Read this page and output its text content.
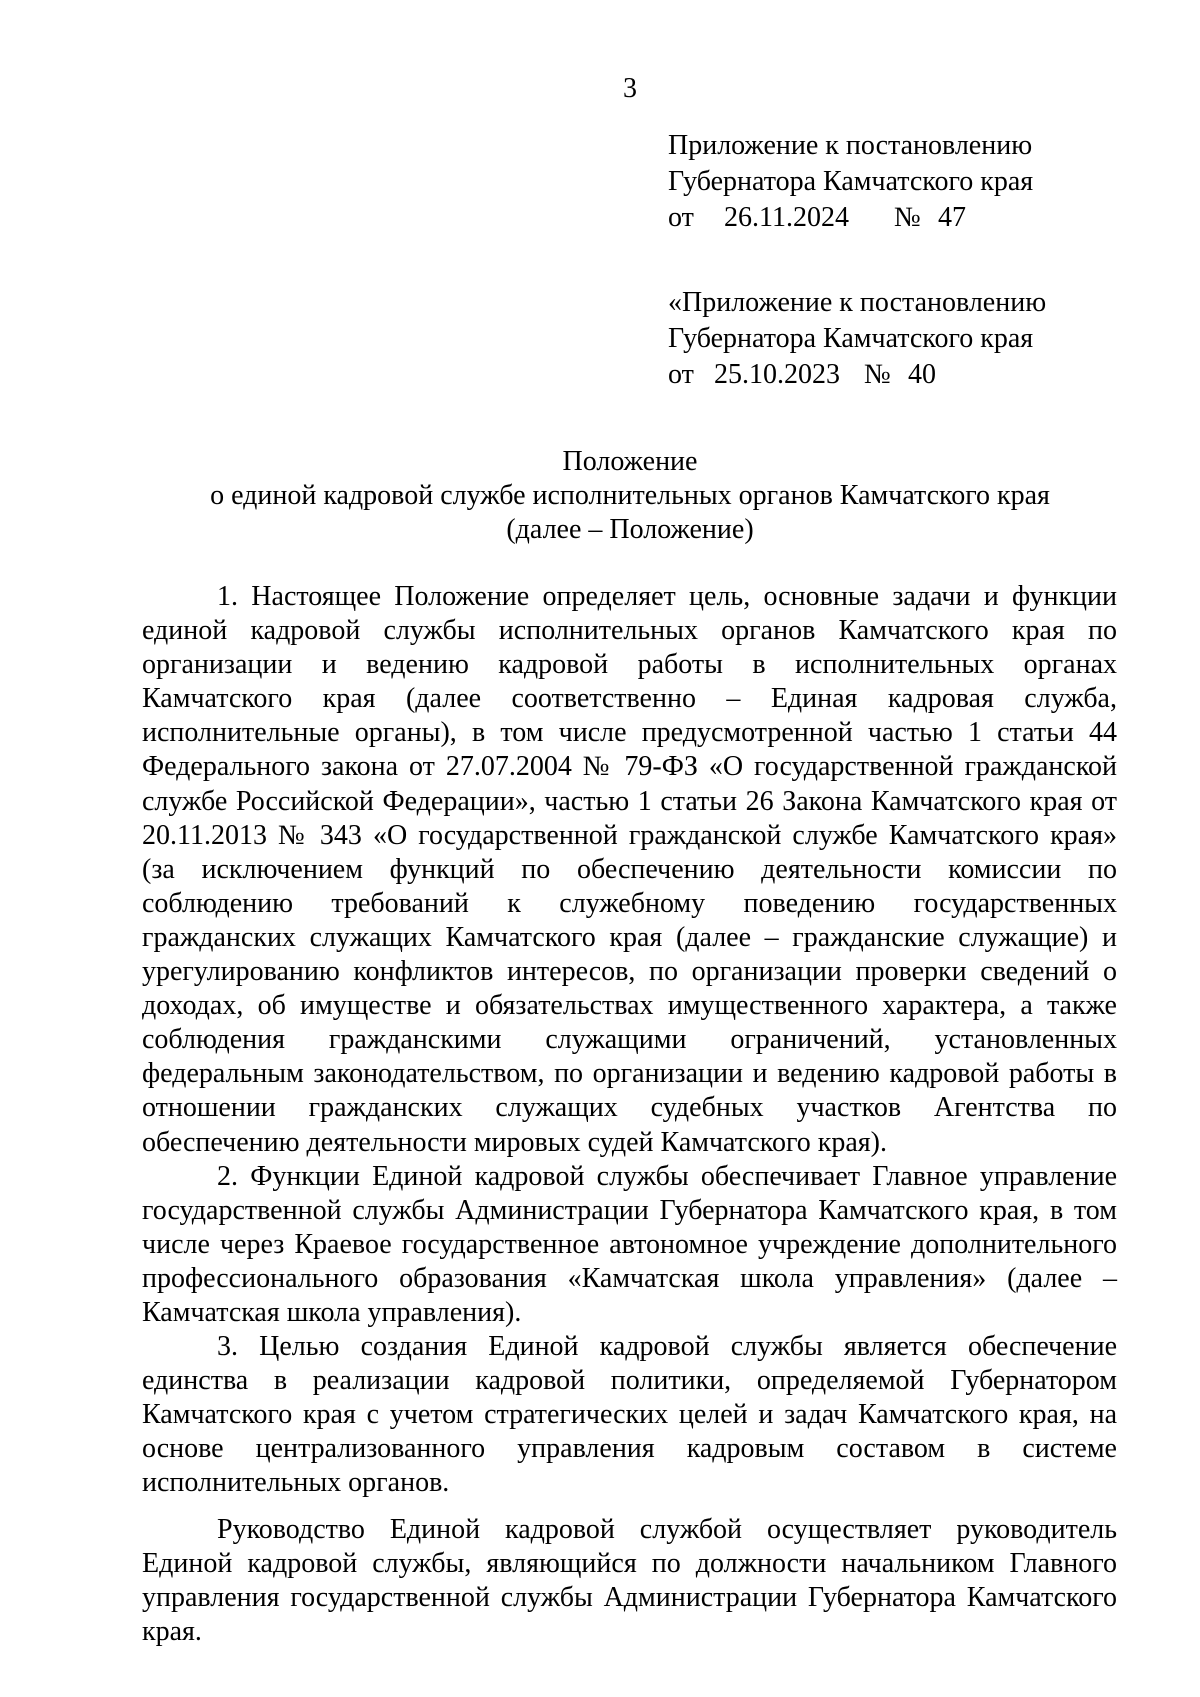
3
Приложение к постановлению
Губернатора Камчатского края
от 26.11.2024 № 47
«Приложение к постановлению
Губернатора Камчатского края
от 25.10.2023 № 40
Положение
о единой кадровой службе исполнительных органов Камчатского края
(далее – Положение)

1. Настоящее Положение определяет цель, основные задачи и функции единой кадровой службы исполнительных органов Камчатского края по организации и ведению кадровой работы в исполнительных органах Камчатского края (далее соответственно – Единая кадровая служба, исполнительные органы), в том числе предусмотренной частью 1 статьи 44 Федерального закона от 27.07.2004 № 79-ФЗ «О государственной гражданской службе Российской Федерации», частью 1 статьи 26 Закона Камчатского края от 20.11.2013 № 343 «О государственной гражданской службе Камчатского края» (за исключением функций по обеспечению деятельности комиссии по соблюдению требований к служебному поведению государственных гражданских служащих Камчатского края (далее – гражданские служащие) и урегулированию конфликтов интересов, по организации проверки сведений о доходах, об имуществе и обязательствах имущественного характера, а также соблюдения гражданскими служащими ограничений, установленных федеральным законодательством, по организации и ведению кадровой работы в отношении гражданских служащих судебных участков Агентства по обеспечению деятельности мировых судей Камчатского края).

2. Функции Единой кадровой службы обеспечивает Главное управление государственной службы Администрации Губернатора Камчатского края, в том числе через Краевое государственное автономное учреждение дополнительного профессионального образования «Камчатская школа управления» (далее – Камчатская школа управления).

3. Целью создания Единой кадровой службы является обеспечение единства в реализации кадровой политики, определяемой Губернатором Камчатского края с учетом стратегических целей и задач Камчатского края, на основе централизованного управления кадровым составом в системе исполнительных органов.

Руководство Единой кадровой службой осуществляет руководитель Единой кадровой службы, являющийся по должности начальником Главного управления государственной службы Администрации Губернатора Камчатского края.
